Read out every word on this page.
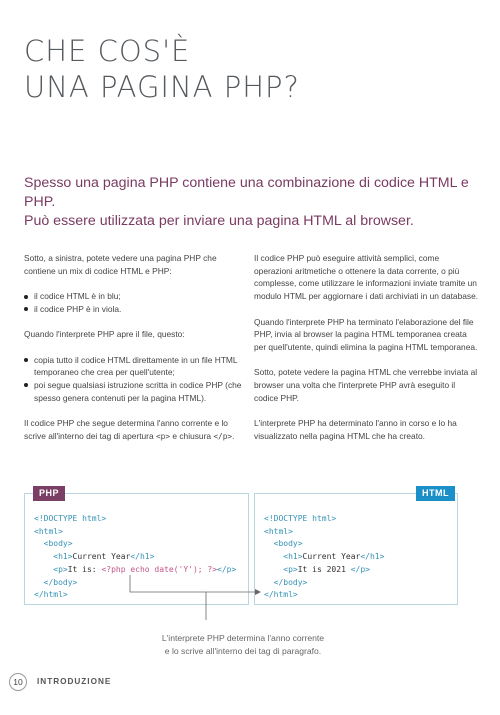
CHE COS'È
UNA PAGINA PHP?
Spesso una pagina PHP contiene una combinazione di codice HTML e PHP.
Può essere utilizzata per inviare una pagina HTML al browser.

Sotto, a sinistra, potete vedere una pagina PHP che contiene un mix di codice HTML e PHP:

il codice HTML è in blu;
il codice PHP è in viola.

Quando l'interprete PHP apre il file, questo:

copia tutto il codice HTML direttamente in un file HTML temporaneo che crea per quell'utente;
poi segue qualsiasi istruzione scritta in codice PHP (che spesso genera contenuti per la pagina HTML).

Il codice PHP che segue determina l'anno corrente e lo scrive all'interno dei tag di apertura <p> e chiusura </p>.

Il codice PHP può eseguire attività semplici, come operazioni aritmetiche o ottenere la data corrente, o più complesse, come utilizzare le informazioni inviate tramite un modulo HTML per aggiornare i dati archiviati in un database.

Quando l'interprete PHP ha terminato l'elaborazione del file PHP, invia al browser la pagina HTML temporanea creata per quell'utente, quindi elimina la pagina HTML temporanea.

Sotto, potete vedere la pagina HTML che verrebbe inviata al browser una volta che l'interprete PHP avrà eseguito il codice PHP.

L'interprete PHP ha determinato l'anno in corso e lo ha visualizzato nella pagina HTML che ha creato.

PHP
<!DOCTYPE html>
<html>
<body>
<h1>Current Year</h1>
<p>It is: <?php echo date('Y'); ?></p>
</body>
</html>
HTML
<!DOCTYPE html>
<html>
<body>
<h1>Current Year</h1>
<p>It is 2021 </p>
</body>
</html>
L'interprete PHP determina l'anno corrente
e lo scrive all'interno dei tag di paragrafo.
10	INTRODUZIONE
